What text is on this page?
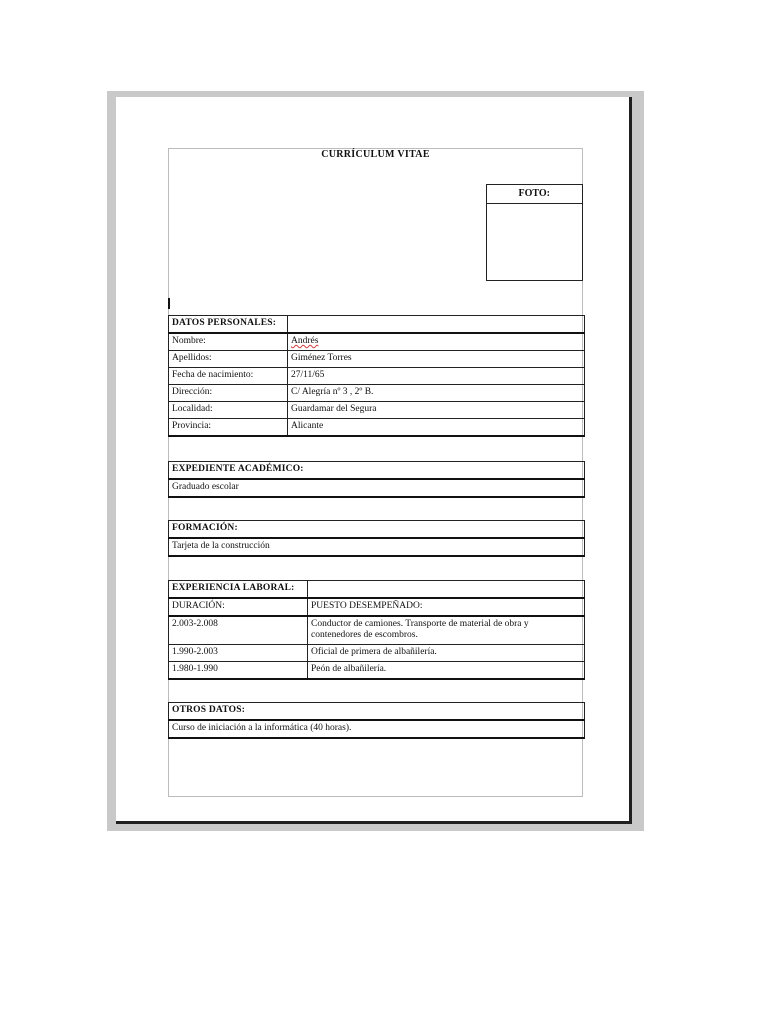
CURRÍCULUM VITAE
FOTO:
DATOS PERSONALES:	
Nombre:	Andrés
Apellidos:	Giménez Torres
Fecha de nacimiento:	27/11/65
Dirección:	C/ Alegría nº 3 , 2º B.
Localidad:	Guardamar del Segura
Provincia:	Alicante
EXPEDIENTE ACADÉMICO:
Graduado escolar
FORMACIÓN:
Tarjeta de la construcción
EXPERIENCIA LABORAL:	
DURACIÓN:	PUESTO DESEMPEÑADO:
2.003-2.008	Conductor de camiones. Transporte de material de obra y contenedores de escombros.
1.990-2.003	Oficial de primera de albañilería.
1.980-1.990	Peón de albañilería.
OTROS DATOS:
Curso de iniciación a la informática (40 horas).
